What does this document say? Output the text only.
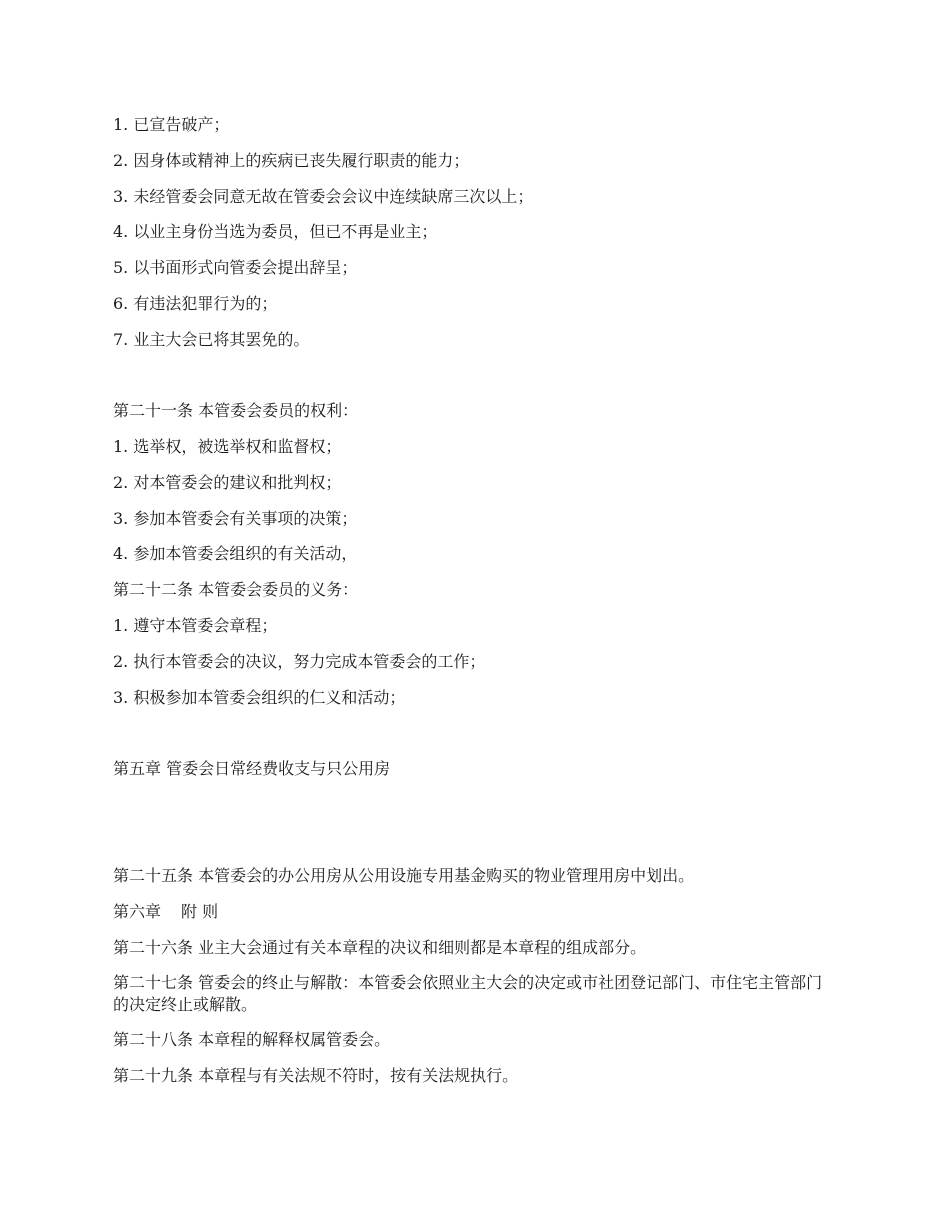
1. 已宣告破产；
2. 因身体或精神上的疾病已丧失履行职责的能力；
3. 未经管委会同意无故在管委会会议中连续缺席三次以上；
4. 以业主身份当选为委员，但已不再是业主；
5. 以书面形式向管委会提出辞呈；
6. 有违法犯罪行为的；
7. 业主大会已将其罢免的。
第二十一条 本管委会委员的权利：
1. 选举权，被选举权和监督权；
2. 对本管委会的建议和批判权；
3. 参加本管委会有关事项的决策；
4. 参加本管委会组织的有关活动，
第二十二条 本管委会委员的义务：
1. 遵守本管委会章程；
2. 执行本管委会的决议，努力完成本管委会的工作；
3. 积极参加本管委会组织的仁义和活动；
第五章 管委会日常经费收支与只公用房
第二十五条 本管委会的办公用房从公用设施专用基金购买的物业管理用房中划出。
第六章 附 则
第二十六条 业主大会通过有关本章程的决议和细则都是本章程的组成部分。
第二十七条 管委会的终止与解散：本管委会依照业主大会的决定或市社团登记部门、市住宅主管部门的决定终止或解散。
第二十八条 本章程的解释权属管委会。
第二十九条 本章程与有关法规不符时，按有关法规执行。
